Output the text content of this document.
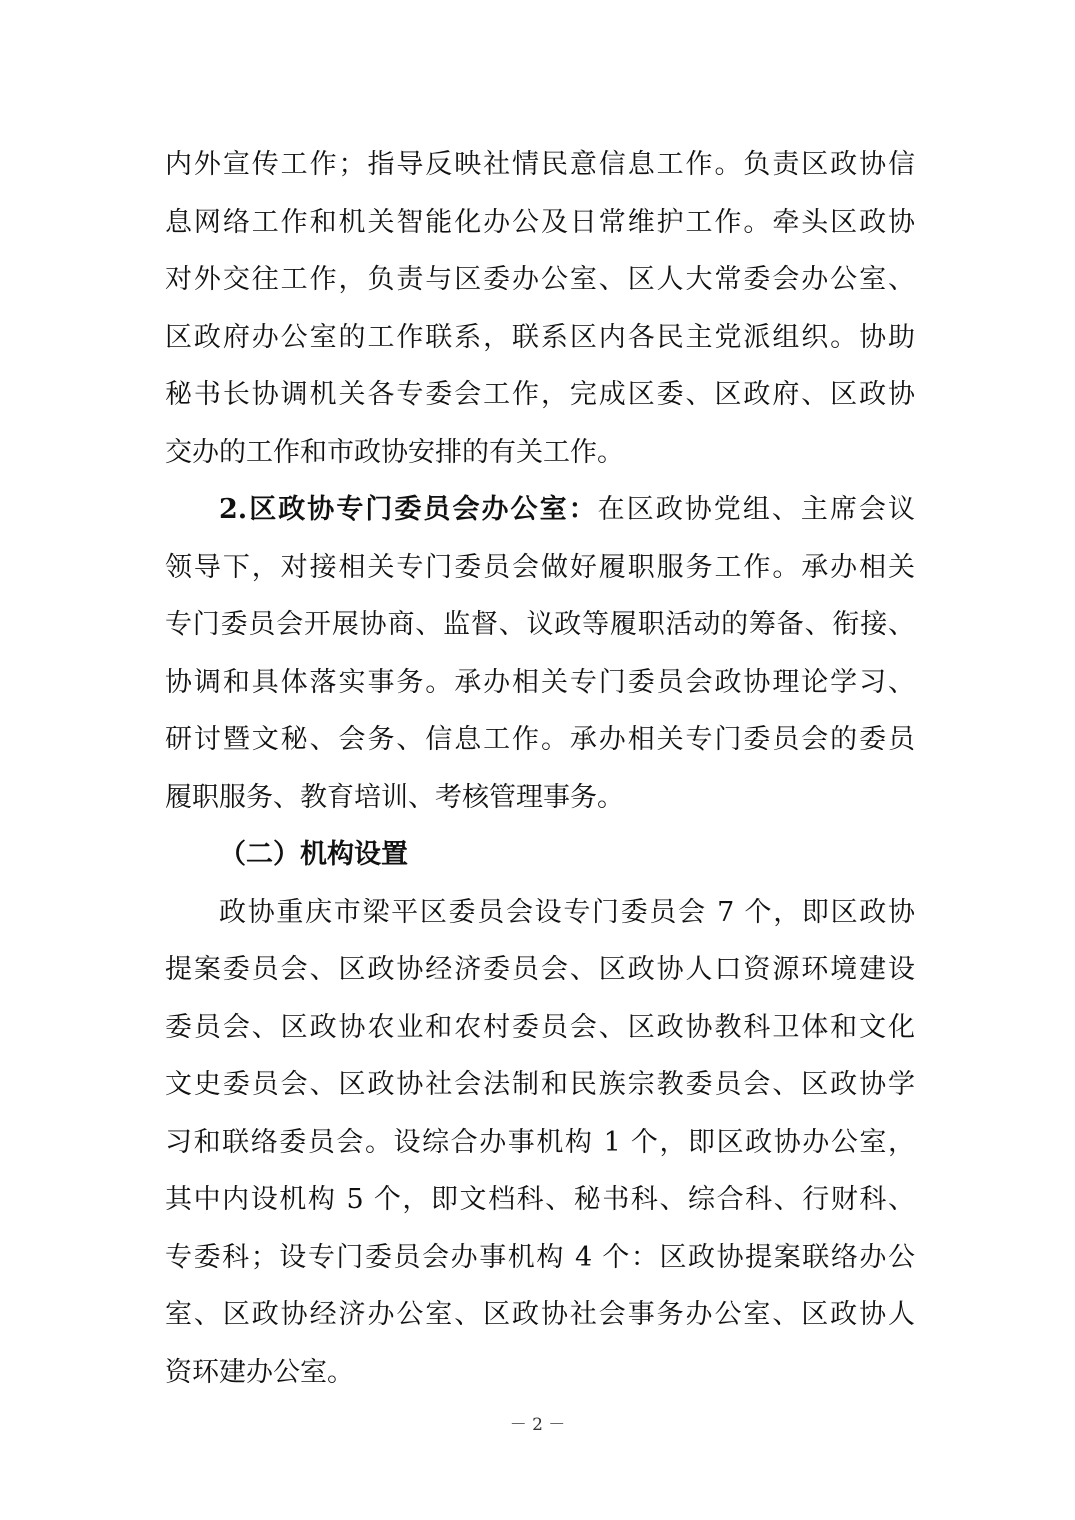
内外宣传工作；指导反映社情民意信息工作。负责区政协信
息网络工作和机关智能化办公及日常维护工作。牵头区政协
对外交往工作，负责与区委办公室、区人大常委会办公室、
区政府办公室的工作联系，联系区内各民主党派组织。协助
秘书长协调机关各专委会工作，完成区委、区政府、区政协
交办的工作和市政协安排的有关工作。
2.区政协专门委员会办公室：在区政协党组、主席会议
领导下，对接相关专门委员会做好履职服务工作。承办相关
专门委员会开展协商、监督、议政等履职活动的筹备、衔接、
协调和具体落实事务。承办相关专门委员会政协理论学习、
研讨暨文秘、会务、信息工作。承办相关专门委员会的委员
履职服务、教育培训、考核管理事务。
（二）机构设置
政协重庆市梁平区委员会设专门委员会 7 个，即区政协
提案委员会、区政协经济委员会、区政协人口资源环境建设
委员会、区政协农业和农村委员会、区政协教科卫体和文化
文史委员会、区政协社会法制和民族宗教委员会、区政协学
习和联络委员会。设综合办事机构 1 个，即区政协办公室，
其中内设机构 5 个，即文档科、秘书科、综合科、行财科、
专委科；设专门委员会办事机构 4 个：区政协提案联络办公
室、区政协经济办公室、区政协社会事务办公室、区政协人
资环建办公室。
－ 2 －
